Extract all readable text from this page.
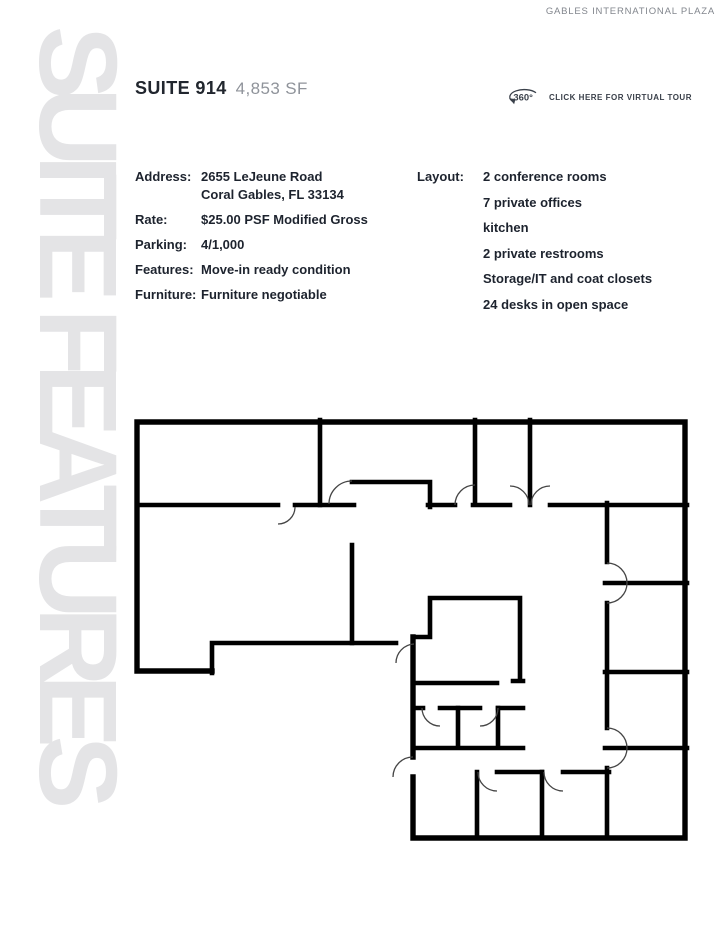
SUITE FEATURES
GABLES INTERNATIONAL PLAZA
SUITE 914 4,853 SF	360° CLICK HERE FOR VIRTUAL TOUR
Address: 2655 LeJeune Road
Coral Gables, FL 33134
Rate:	$25.00 PSF Modified Gross
Parking:	4/1,000
Features: Move-in ready condition
Furniture: Furniture negotiable
Layout:	2 conference rooms
7 private offices
kitchen
2 private restrooms
Storage/IT and coat closets
24 desks in open space
